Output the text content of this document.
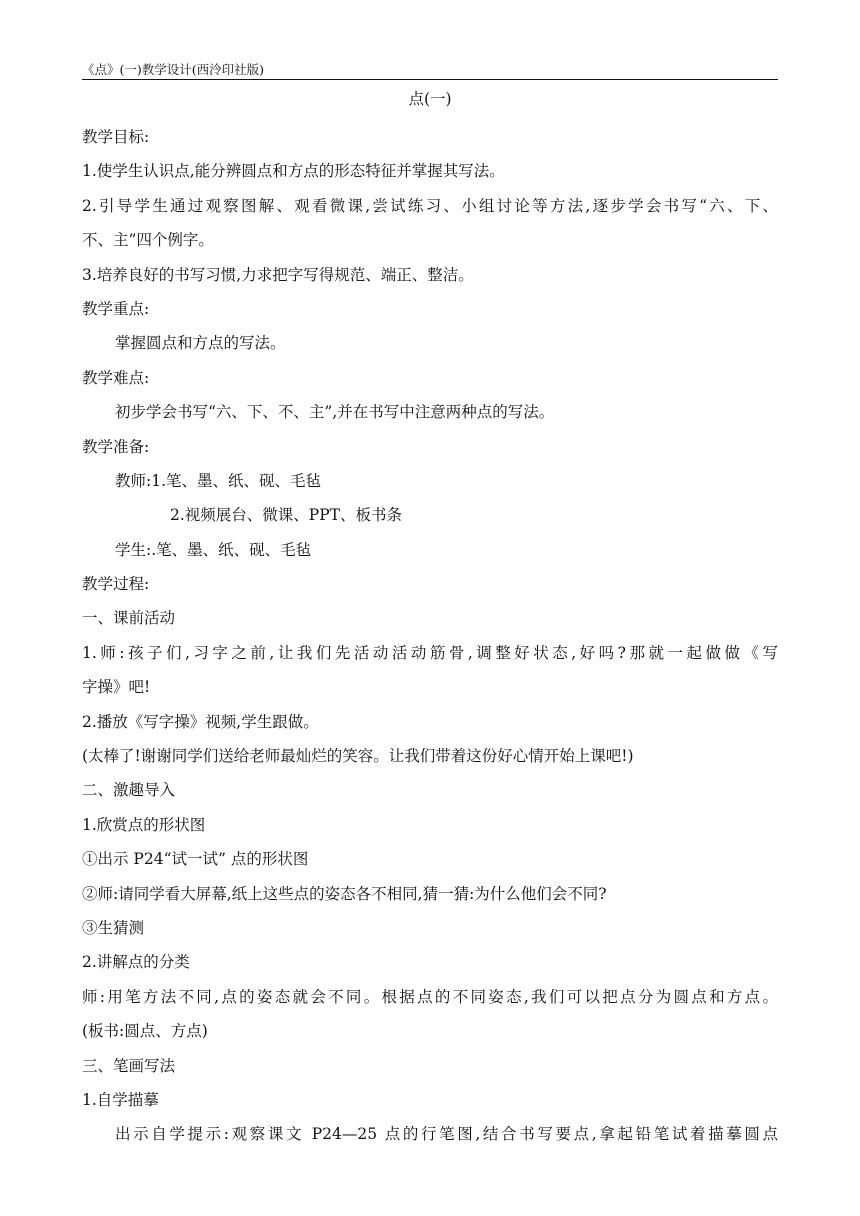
《点》(一)教学设计(西泠印社版)
点(一)
教学目标:
1.使学生认识点,能分辨圆点和方点的形态特征并掌握其写法。
2.引导学生通过观察图解、观看微课,尝试练习、小组讨论等方法,逐步学会书写“六、下、
不、主”四个例字。
3.培养良好的书写习惯,力求把字写得规范、端正、整洁。
教学重点:
掌握圆点和方点的写法。
教学难点:
初步学会书写“六、下、不、主”,并在书写中注意两种点的写法。
教学准备:
教师:1.笔、墨、纸、砚、毛毡
2.视频展台、微课、PPT、板书条
学生:.笔、墨、纸、砚、毛毡
教学过程:
一、课前活动
1.师:孩子们,习字之前,让我们先活动活动筋骨,调整好状态,好吗?那就一起做做《写
字操》吧!
2.播放《写字操》视频,学生跟做。
(太棒了!谢谢同学们送给老师最灿烂的笑容。让我们带着这份好心情开始上课吧!)
二、激趣导入
1.欣赏点的形状图
①出示 P24“试一试” 点的形状图
②师:请同学看大屏幕,纸上这些点的姿态各不相同,猜一猜:为什么他们会不同?
③生猜测
2.讲解点的分类
师:用笔方法不同,点的姿态就会不同。根据点的不同姿态,我们可以把点分为圆点和方点。
(板书:圆点、方点)
三、笔画写法
1.自学描摹
出示自学提示:观察课文 P24—25 点的行笔图,结合书写要点,拿起铅笔试着描摹圆点
